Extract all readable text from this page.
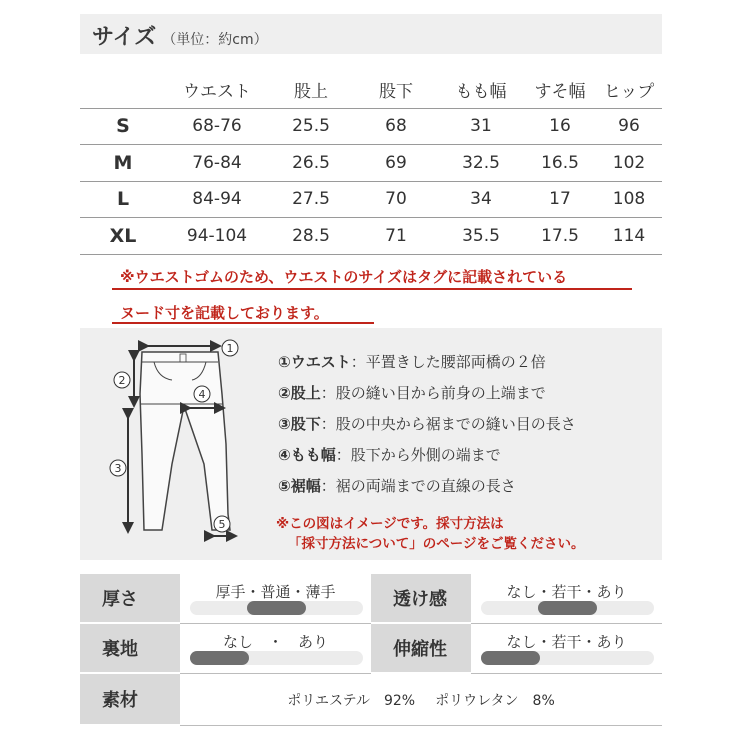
サイズ （単位：約cm）
	ウエスト	股上	股下	もも幅	すそ幅	ヒップ
S	68-76	25.5	68	31	16	96
M	76-84	26.5	69	32.5	16.5	102
L	84-94	27.5	70	34	17	108
XL	94-104	28.5	71	35.5	17.5	114
※ウエストゴムのため、ウエストのサイズはタグに記載されている
ヌード寸を記載しております。
1
2
3
4
5
① ウエスト ：平置きした腰部両橋の２倍
② 股上 ：股の縫い目から前身の上端まで
③ 股下 ：股の中央から裾までの縫い目の長さ
④ もも幅 ：股下から外側の端まで
⑤ 裾幅 ：裾の両端までの直線の長さ
※この図はイメージです。採寸方法は
「採寸方法について」のページをご覧ください。
厚さ	厚手・普通・薄手	透け感	なし・若干・あり
裏地	なし　・　あり	伸縮性	なし・若干・あり
素材	ポリエステル　92% ポリウレタン　8%
